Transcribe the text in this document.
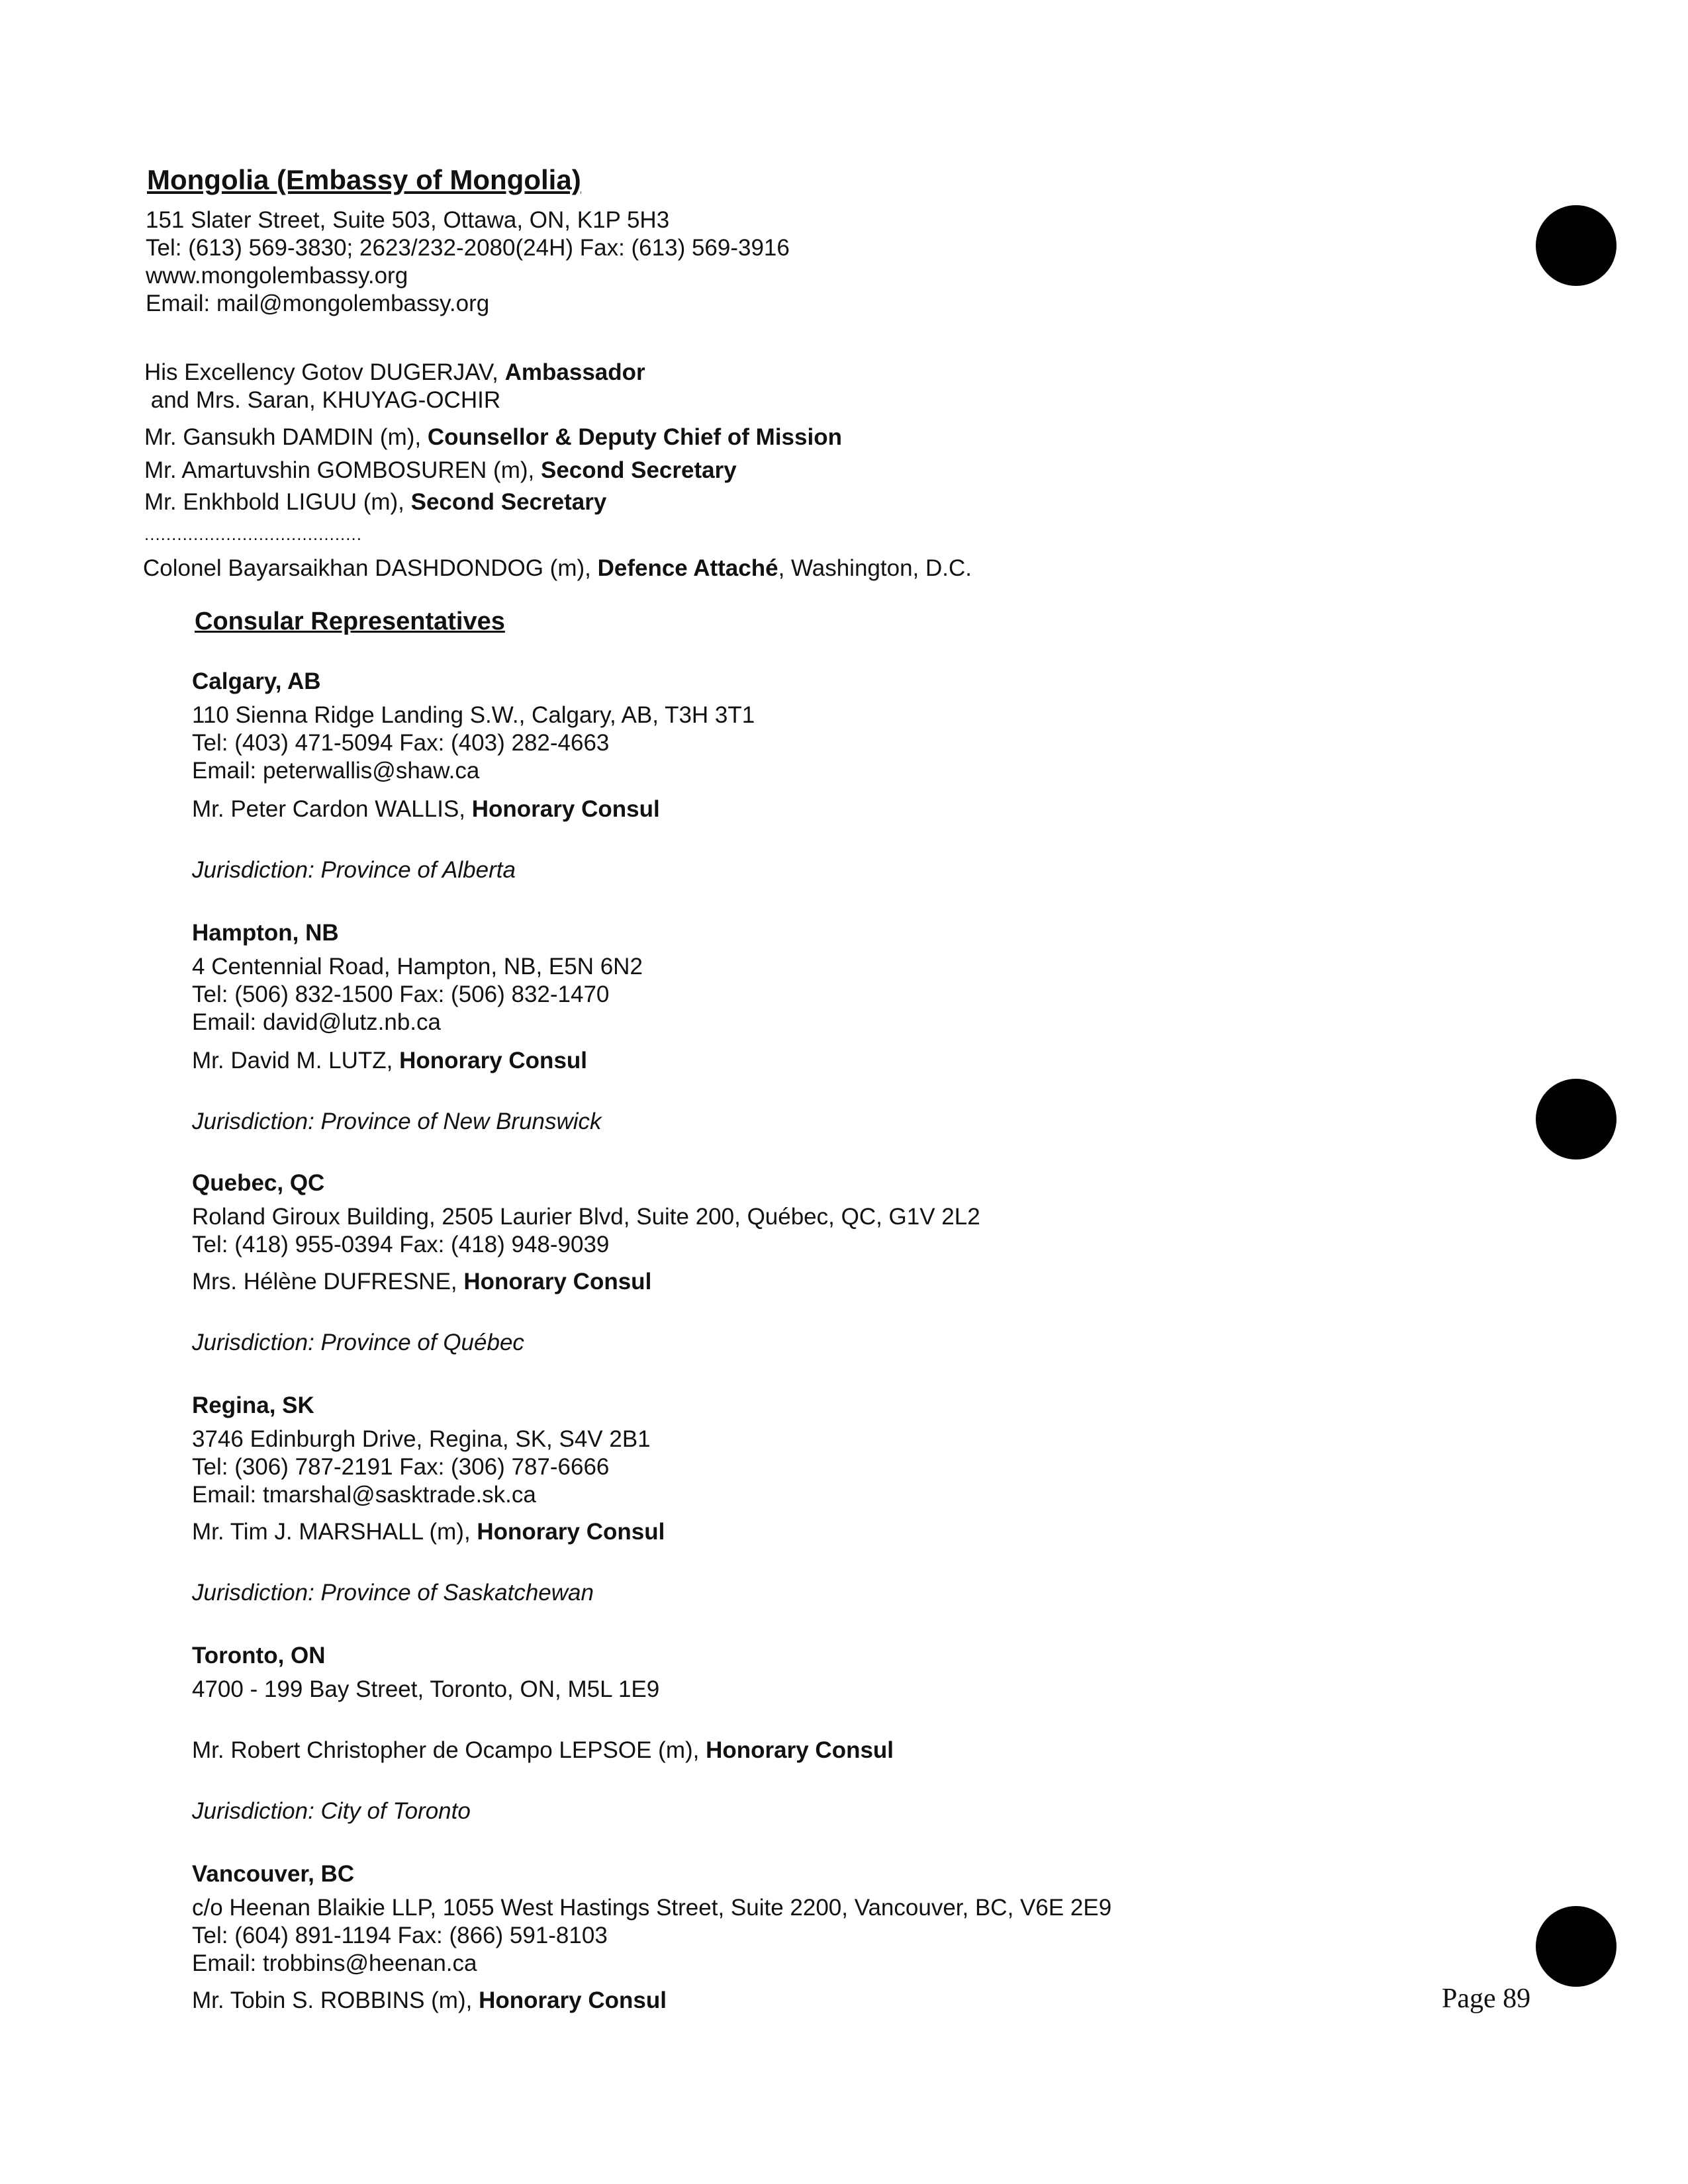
Mongolia (Embassy of Mongolia)
151 Slater Street, Suite 503, Ottawa, ON, K1P 5H3
Tel: (613) 569-3830; 2623/232-2080(24H) Fax: (613) 569-3916
www.mongolembassy.org
Email: mail@mongolembassy.org
His Excellency Gotov DUGERJAV, Ambassador
and Mrs. Saran, KHUYAG-OCHIR
Mr. Gansukh DAMDIN (m), Counsellor & Deputy Chief of Mission
Mr. Amartuvshin GOMBOSUREN (m), Second Secretary
Mr. Enkhbold LIGUU (m), Second Secretary
........................................
Colonel Bayarsaikhan DASHDONDOG (m), Defence Attaché, Washington, D.C.
Consular Representatives
Calgary, AB
110 Sienna Ridge Landing S.W., Calgary, AB, T3H 3T1
Tel: (403) 471-5094 Fax: (403) 282-4663
Email: peterwallis@shaw.ca
Mr. Peter Cardon WALLIS, Honorary Consul
Jurisdiction: Province of Alberta
Hampton, NB
4 Centennial Road, Hampton, NB, E5N 6N2
Tel: (506) 832-1500 Fax: (506) 832-1470
Email: david@lutz.nb.ca
Mr. David M. LUTZ, Honorary Consul
Jurisdiction: Province of New Brunswick
Quebec, QC
Roland Giroux Building, 2505 Laurier Blvd, Suite 200, Québec, QC, G1V 2L2
Tel: (418) 955-0394 Fax: (418) 948-9039
Mrs. Hélène DUFRESNE, Honorary Consul
Jurisdiction: Province of Québec
Regina, SK
3746 Edinburgh Drive, Regina, SK, S4V 2B1
Tel: (306) 787-2191 Fax: (306) 787-6666
Email: tmarshal@sasktrade.sk.ca
Mr. Tim J. MARSHALL (m), Honorary Consul
Jurisdiction: Province of Saskatchewan
Toronto, ON
4700 - 199 Bay Street, Toronto, ON, M5L 1E9
Mr. Robert Christopher de Ocampo LEPSOE (m), Honorary Consul
Jurisdiction: City of Toronto
Vancouver, BC
c/o Heenan Blaikie LLP, 1055 West Hastings Street, Suite 2200, Vancouver, BC, V6E 2E9
Tel: (604) 891-1194 Fax: (866) 591-8103
Email: trobbins@heenan.ca
Mr. Tobin S. ROBBINS (m), Honorary Consul	Page 89
